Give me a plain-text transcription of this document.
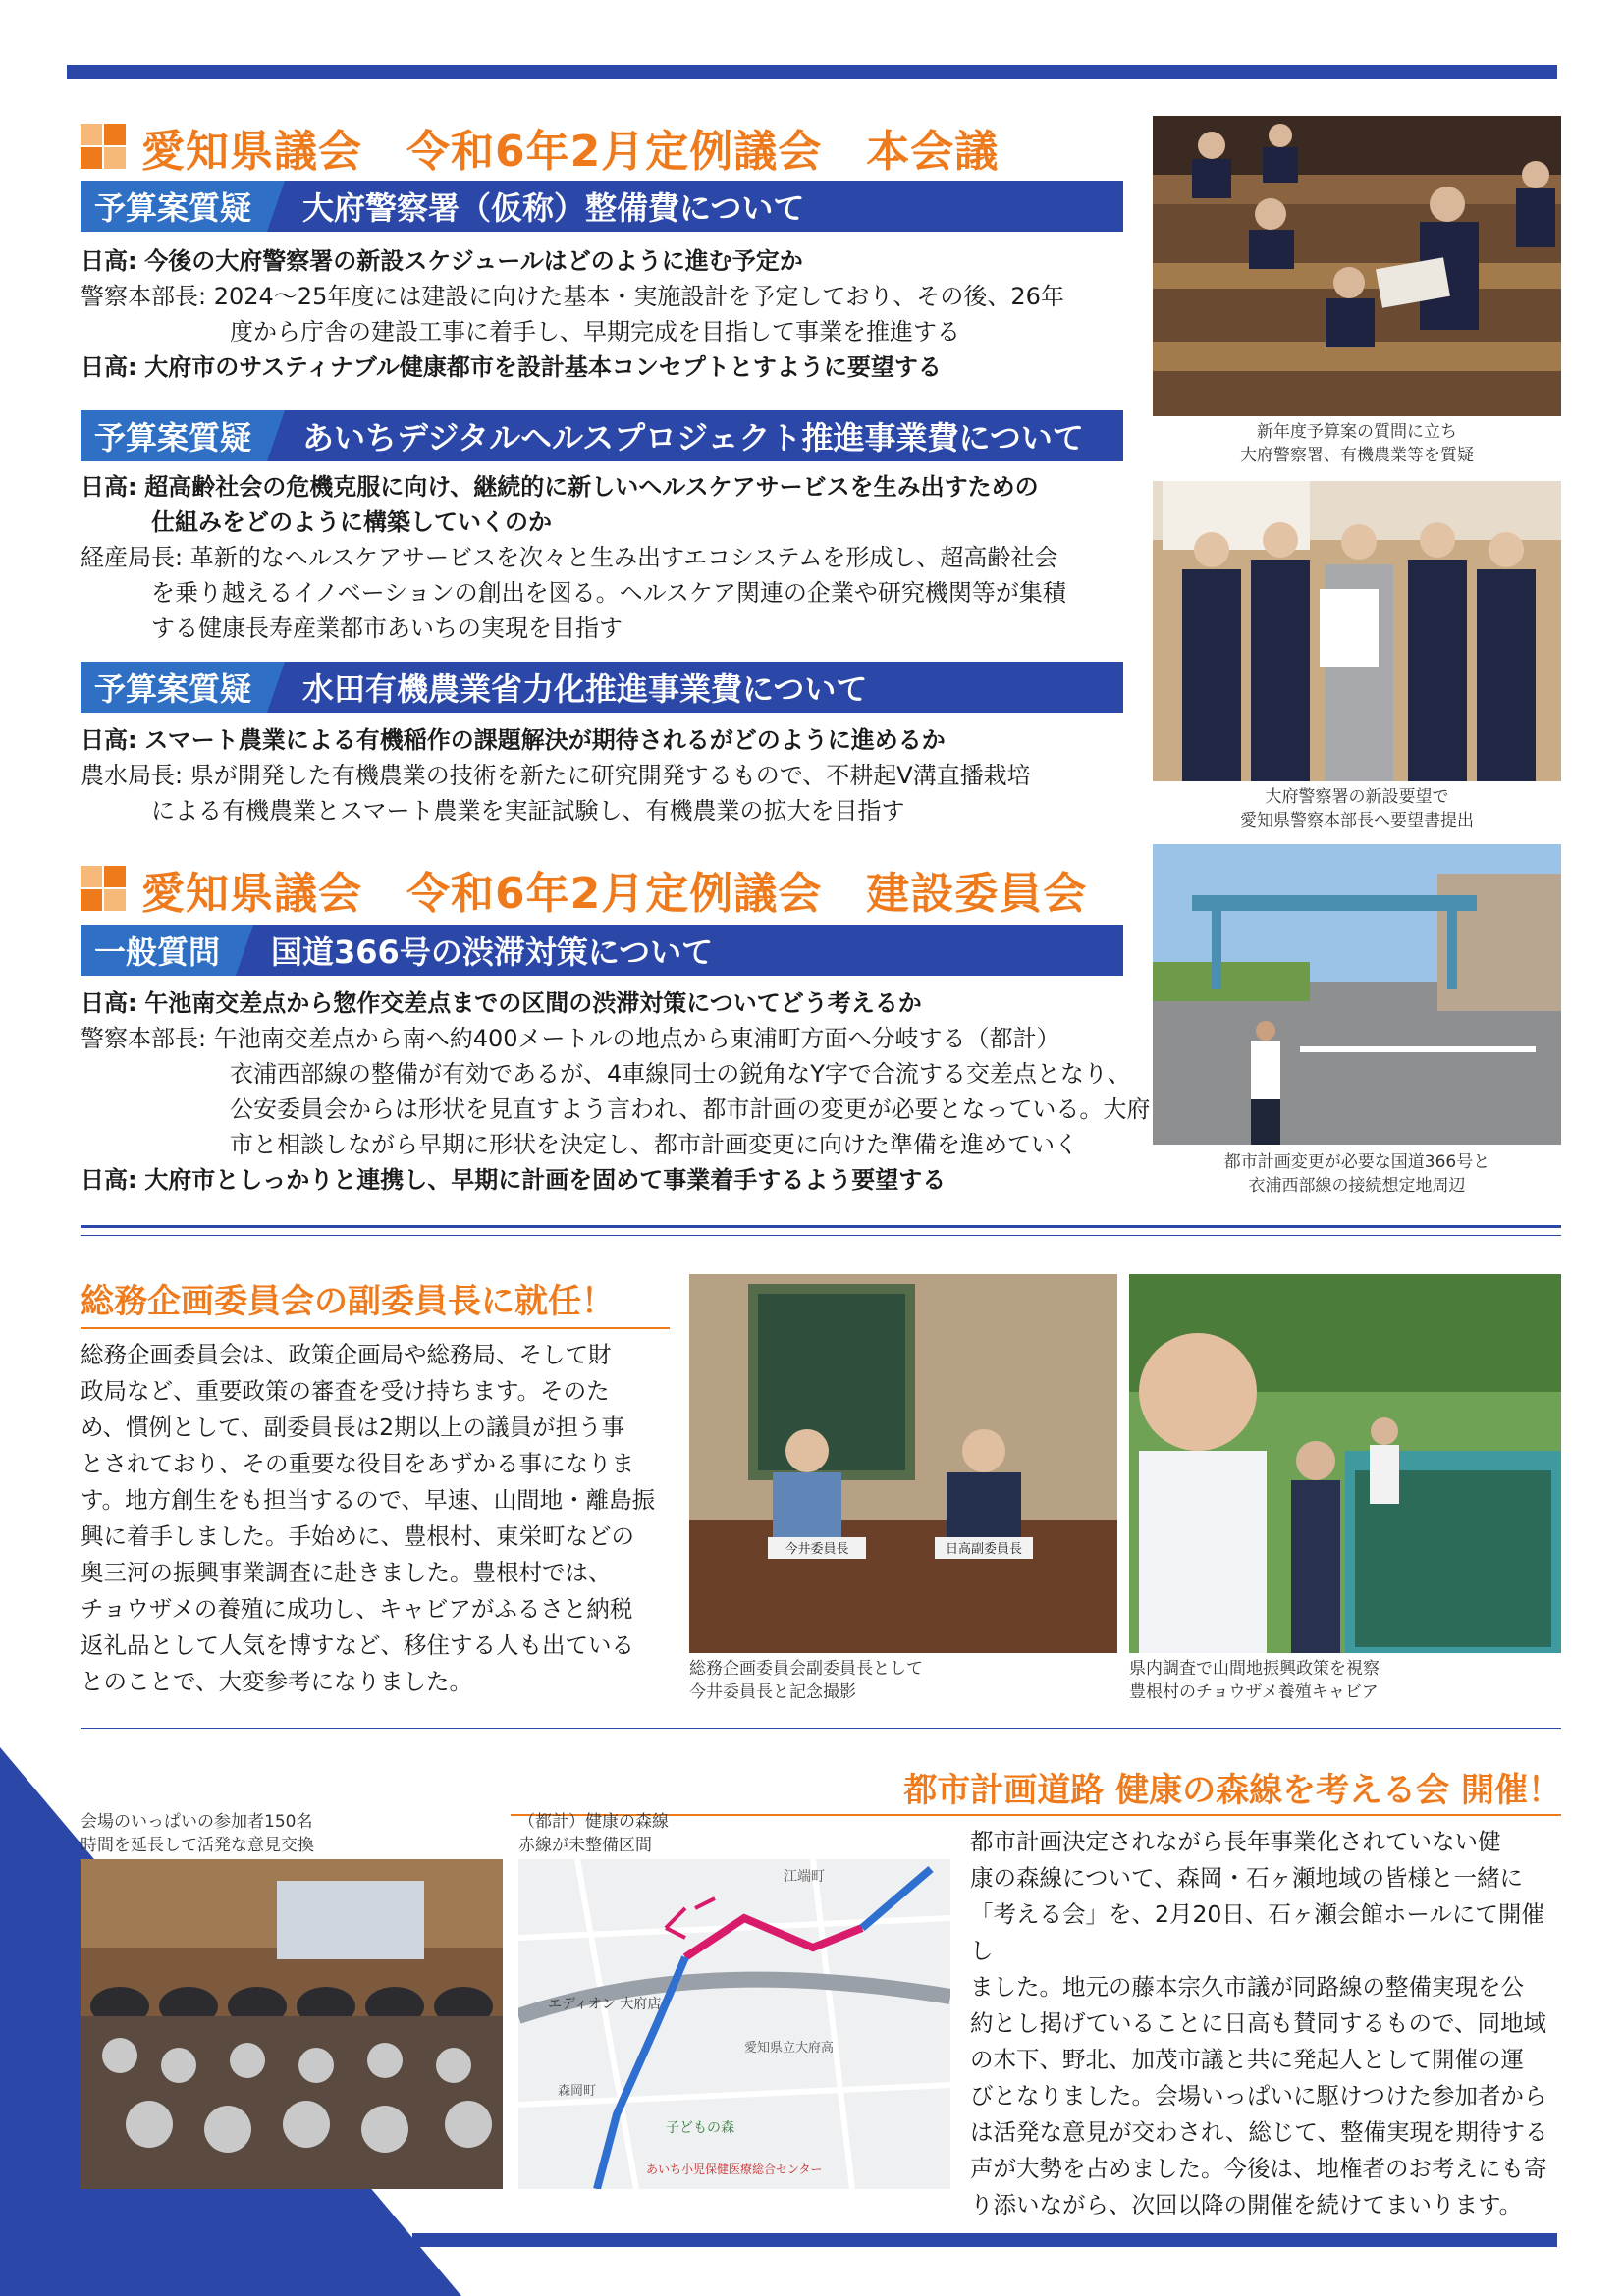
愛知県議会　令和6年2月定例議会　本会議
予算案質疑	大府警察署（仮称）整備費について
日高: 今後の大府警察署の新設スケジュールはどのように進む予定か
警察本部長: 2024～25年度には建設に向けた基本・実施設計を予定しており、その後、26年
度から庁舎の建設工事に着手し、早期完成を目指して事業を推進する
日高: 大府市のサスティナブル健康都市を設計基本コンセプトとすように要望する
予算案質疑	あいちデジタルヘルスプロジェクト推進事業費について
日高: 超高齢社会の危機克服に向け、継続的に新しいヘルスケアサービスを生み出すための
仕組みをどのように構築していくのか
経産局長: 革新的なヘルスケアサービスを次々と生み出すエコシステムを形成し、超高齢社会
を乗り越えるイノベーションの創出を図る。ヘルスケア関連の企業や研究機関等が集積
する健康長寿産業都市あいちの実現を目指す
予算案質疑	水田有機農業省力化推進事業費について
日高: スマート農業による有機稲作の課題解決が期待されるがどのように進めるか
農水局長: 県が開発した有機農業の技術を新たに研究開発するもので、不耕起V溝直播栽培
による有機農業とスマート農業を実証試験し、有機農業の拡大を目指す
愛知県議会　令和6年2月定例議会　建設委員会
一般質問	国道366号の渋滞対策について
日高: 午池南交差点から惣作交差点までの区間の渋滞対策についてどう考えるか
警察本部長: 午池南交差点から南へ約400メートルの地点から東浦町方面へ分岐する（都計）
衣浦西部線の整備が有効であるが、4車線同士の鋭角なY字で合流する交差点となり、
公安委員会からは形状を見直すよう言われ、都市計画の変更が必要となっている。大府
市と相談しながら早期に形状を決定し、都市計画変更に向けた準備を進めていく
日高: 大府市としっかりと連携し、早期に計画を固めて事業着手するよう要望する
新年度予算案の質問に立ち
大府警察署、有機農業等を質疑
大府警察署の新設要望で
愛知県警察本部長へ要望書提出
都市計画変更が必要な国道366号と
衣浦西部線の接続想定地周辺
総務企画委員会の副委員長に就任！
総務企画委員会は、政策企画局や総務局、そして財
政局など、重要政策の審査を受け持ちます。そのた
め、慣例として、副委員長は2期以上の議員が担う事
とされており、その重要な役目をあずかる事になりま
す。地方創生をも担当するので、早速、山間地・離島振
興に着手しました。手始めに、豊根村、東栄町などの
奥三河の振興事業調査に赴きました。豊根村では、
チョウザメの養殖に成功し、キャビアがふるさと納税
返礼品として人気を博すなど、移住する人も出ている
とのことで、大変参考になりました。
今井委員長	日高副委員長
総務企画委員会副委員長として
今井委員長と記念撮影
県内調査で山間地振興政策を視察
豊根村のチョウザメ養殖キャビア
都市計画道路 健康の森線を考える会 開催！
会場のいっぱいの参加者150名
時間を延長して活発な意見交換
（都計）健康の森線
赤線が未整備区間
江端町
エディオン 大府店
愛知県立大府高
森岡町
子どもの森
あいち小児保健医療総合センター
都市計画決定されながら長年事業化されていない健
康の森線について、森岡・石ヶ瀬地域の皆様と一緒に
「考える会」を、2月20日、石ヶ瀬会館ホールにて開催し
ました。地元の藤本宗久市議が同路線の整備実現を公
約とし掲げていることに日高も賛同するもので、同地域
の木下、野北、加茂市議と共に発起人として開催の運
びとなりました。会場いっぱいに駆けつけた参加者から
は活発な意見が交わされ、総じて、整備実現を期待する
声が大勢を占めました。今後は、地権者のお考えにも寄
り添いながら、次回以降の開催を続けてまいります。
